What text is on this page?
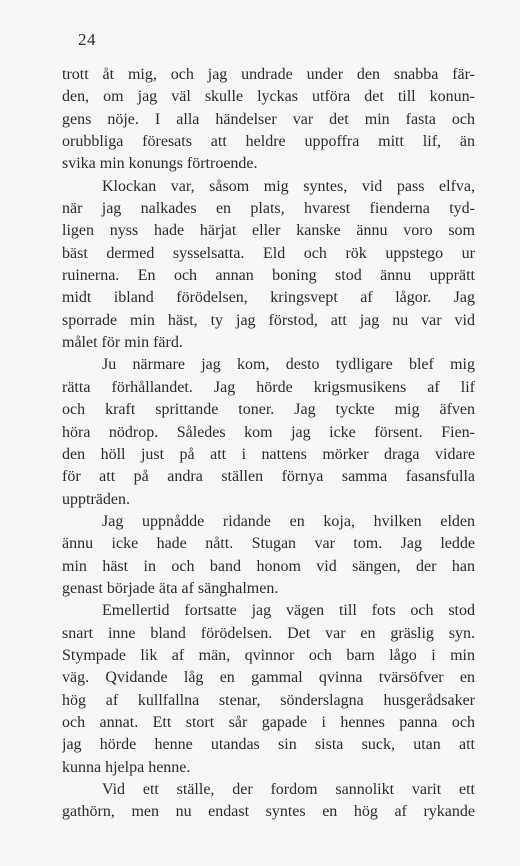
24
trott åt mig, och jag undrade under den snabba fär-
den, om jag väl skulle lyckas utföra det till konun-
gens nöje. I alla händelser var det min fasta och
orubbliga föresats att heldre uppoffra mitt lif, än
svika min konungs förtroende.
Klockan var, såsom mig syntes, vid pass elfva,
när jag nalkades en plats, hvarest fienderna tyd-
ligen nyss hade härjat eller kanske ännu voro som
bäst dermed sysselsatta. Eld och rök uppstego ur
ruinerna. En och annan boning stod ännu upprätt
midt ibland förödelsen, kringsvept af lågor. Jag
sporrade min häst, ty jag förstod, att jag nu var vid
målet för min färd.
Ju närmare jag kom, desto tydligare blef mig
rätta förhållandet. Jag hörde krigsmusikens af lif
och kraft sprittande toner. Jag tyckte mig äfven
höra nödrop. Således kom jag icke försent. Fien-
den höll just på att i nattens mörker draga vidare
för att på andra ställen förnya samma fasansfulla
uppträden.
Jag uppnådde ridande en koja, hvilken elden
ännu icke hade nått. Stugan var tom. Jag ledde
min häst in och band honom vid sängen, der han
genast började äta af sänghalmen.
Emellertid fortsatte jag vägen till fots och stod
snart inne bland förödelsen. Det var en gräslig syn.
Stympade lik af män, qvinnor och barn lågo i min
väg. Qvidande låg en gammal qvinna tvärsöfver en
hög af kullfallna stenar, sönderslagna husgerådsaker
och annat. Ett stort sår gapade i hennes panna och
jag hörde henne utandas sin sista suck, utan att
kunna hjelpa henne.
Vid ett ställe, der fordom sannolikt varit ett
gathörn, men nu endast syntes en hög af rykande
